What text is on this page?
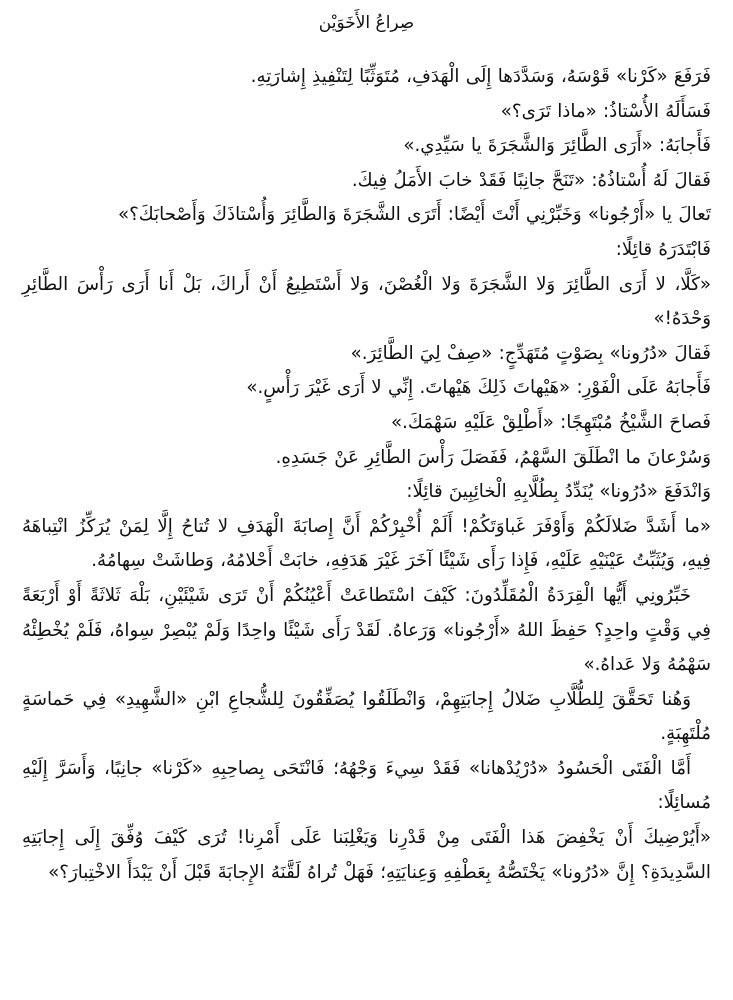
صِراعُ الأَخَوَيْن

فَرَفَعَ «كَرْنا» قَوْسَهُ، وَسَدَّدَها إِلَى الْهَدَفِ، مُتَوَثِّبًا لِتَنْفِيذِ إِشارَتِهِ.

فَسَأَلَهُ الأُسْتاذُ: «ماذا تَرَى؟»

فَأَجابَهُ: «أَرَى الطَّائِرَ وَالشَّجَرَةَ يا سَيِّدِي.»

فَقالَ لَهُ أُسْتاذُهُ: «تَنَحَّ جانِبًا فَقَدْ خابَ الأَمَلُ فِيكَ.

تَعالَ يا «أَرْجُونا» وَخَبِّرْنِي أَنْتَ أَيْضًا: أَتَرَى الشَّجَرَةَ وَالطَّائِرَ وَأُسْتاذَكَ وَأَصْحابَكَ؟»

فَابْتَدَرَهُ قائِلًا:

«كَلَّا، لا أَرَى الطَّائِرَ وَلا الشَّجَرَةَ وَلا الْغُصْنَ، وَلا أَسْتَطِيعُ أَنْ أَراكَ، بَلْ أَنا أَرَى رَأْسَ الطَّائِرِ وَحْدَهُ!»

فَقالَ «دُرُونا» بِصَوْتٍ مُتَهَدِّجٍ: «صِفْ لِيَ الطَّائِرَ.»

فَأَجابَهُ عَلَى الْفَوْرِ: «هَيْهاتَ ذَلِكَ هَيْهاتَ. إِنِّي لا أَرَى غَيْرَ رَأْسٍ.»

فَصاحَ الشَّيْخُ مُبْتَهِجًا: «أَطْلِقْ عَلَيْهِ سَهْمَكَ.»

وَسُرْعانَ ما انْطَلَقَ السَّهْمُ، فَفَصَلَ رَأْسَ الطَّائِرِ عَنْ جَسَدِهِ.

وَانْدَفَعَ «دُرُونا» يُنَدِّدُ بِطُلَّابِهِ الْخائِبِينَ قائِلًا:

«ما أَشَدَّ ضَلالَكُمْ وَأَوْفَرَ غَباوَتَكُمْ! أَلَمْ أُخْبِرْكُمْ أَنَّ إِصابَةَ الْهَدَفِ لا تُتاحُ إِلَّا لِمَنْ يُرَكِّزُ انْتِباهَهُ فِيهِ، وَيُثَبِّتُ عَيْنَيْهِ عَلَيْهِ، فَإِذا رَأَى شَيْئًا آخَرَ غَيْرَ هَدَفِهِ، خابَتْ أَحْلامُهُ، وَطاشَتْ سِهامُهُ.

خَبِّرُونِي أَيُّها الْقِرَدَةُ الْمُقَلِّدُونَ: كَيْفَ اسْتَطاعَتْ أَعْيُنُكُمْ أَنْ تَرَى شَيْئَيْنِ، بَلْهَ ثَلاثَةً أَوْ أَرْبَعَةً فِي وَقْتٍ واحِدٍ؟ حَفِظَ اللهُ «أَرْجُونا» وَرَعاهُ. لَقَدْ رَأَى شَيْئًا واحِدًا وَلَمْ يُبْصِرْ سِواهُ، فَلَمْ يُخْطِئْهُ سَهْمُهُ وَلا عَداهُ.»

وَهُنا تَحَقَّقَ لِلطُّلَّابِ ضَلالُ إِجابَتِهِمْ، وَانْطَلَقُوا يُصَفِّقُونَ لِلشُّجاعِ ابْنِ «الشَّهِيدِ» فِي حَماسَةٍ مُلْتَهِبَةٍ.

أَمَّا الْفَتَى الْحَسُودُ «دُرْيُدْهانا» فَقَدْ سِيءَ وَجْهُهُ؛ فَانْتَحَى بِصاحِبِهِ «كَرْنا» جانِبًا، وَأَسَرَّ إِلَيْهِ مُسائِلًا:

«أَيُرْضِيكَ أَنْ يَخْفِضَ هَذا الْفَتَى مِنْ قَدْرِنا وَيَغْلِبَنا عَلَى أَمْرِنا! تُرَى كَيْفَ وُفِّقَ إِلَى إِجابَتِهِ السَّدِيدَةِ؟ إِنَّ «دُرُونا» يَخْتَصُّهُ بِعَطْفِهِ وَعِنايَتِهِ؛ فَهَلْ تُراهُ لَقَّنَهُ الإِجابَةَ قَبْلَ أَنْ يَبْدَأَ الاخْتِبارَ؟»
